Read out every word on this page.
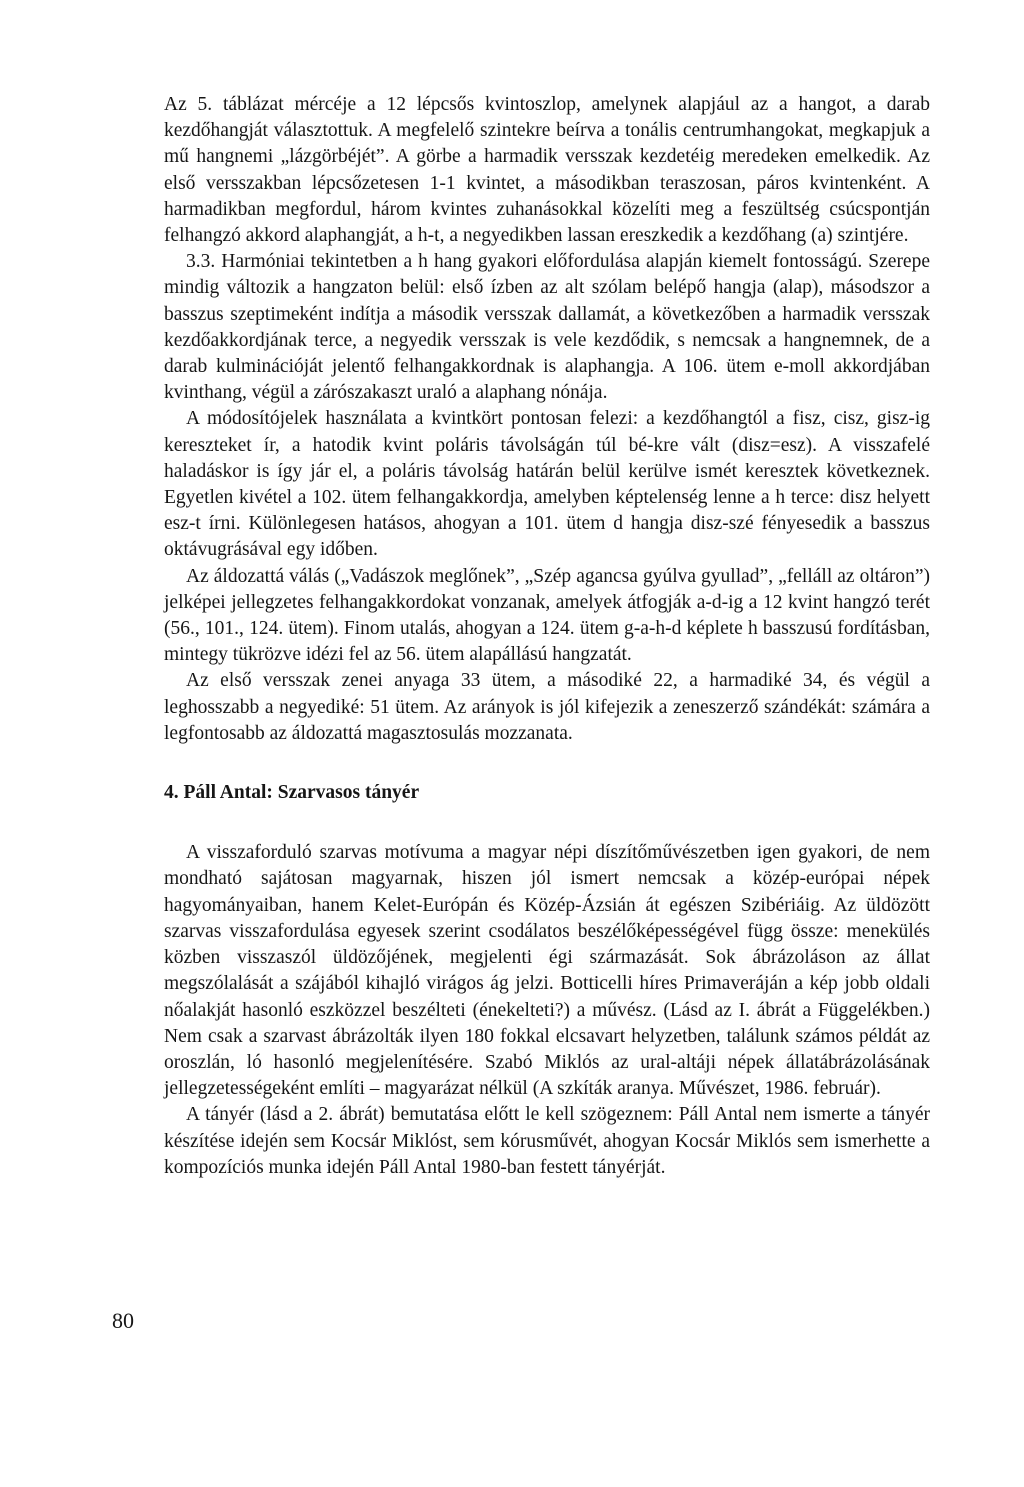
Az 5. táblázat mércéje a 12 lépcsős kvintoszlop, amelynek alapjául az a hangot, a darab kezdőhangját választottuk. A megfelelő szintekre beírva a tonális centrumhangokat, megkapjuk a mű hangnemi „lázgörbéjét”. A görbe a harmadik versszak kezdetéig meredeken emelkedik. Az első versszakban lépcsőzetesen 1-1 kvintet, a másodikban teraszosan, páros kvintenként. A harmadikban megfordul, három kvintes zuhanásokkal közelíti meg a feszültség csúcspontján felhangzó akkord alaphangját, a h-t, a negyedikben lassan ereszkedik a kezdőhang (a) szintjére.

3.3. Harmóniai tekintetben a h hang gyakori előfordulása alapján kiemelt fontosságú. Szerepe mindig változik a hangzaton belül: első ízben az alt szólam belépő hangja (alap), másodszor a basszus szeptimeként indítja a második versszak dallamát, a következőben a harmadik versszak kezdőakkordjának terce, a negyedik versszak is vele kezdődik, s nemcsak a hangnemnek, de a darab kulminációját jelentő felhangakkordnak is alaphangja. A 106. ütem e-moll akkordjában kvinthang, végül a zárószakaszt uraló a alaphang nónája.

A módosítójelek használata a kvintkört pontosan felezi: a kezdőhangtól a fisz, cisz, gisz-ig kereszteket ír, a hatodik kvint poláris távolságán túl bé-kre vált (disz=esz). A visszafelé haladáskor is így jár el, a poláris távolság határán belül kerülve ismét keresztek következnek. Egyetlen kivétel a 102. ütem felhangakkordja, amelyben képtelenség lenne a h terce: disz helyett esz-t írni. Különlegesen hatásos, ahogyan a 101. ütem d hangja disz-szé fényesedik a basszus oktávugrásával egy időben.

Az áldozattá válás („Vadászok meglőnek”, „Szép agancsa gyúlva gyullad”, „felláll az oltáron”) jelképei jellegzetes felhangakkordokat vonzanak, amelyek átfogják a-d-ig a 12 kvint hangzó terét (56., 101., 124. ütem). Finom utalás, ahogyan a 124. ütem g-a-h-d képlete h basszusú fordításban, mintegy tükrözve idézi fel az 56. ütem alapállású hangzatát.

Az első versszak zenei anyaga 33 ütem, a másodiké 22, a harmadiké 34, és végül a leghosszabb a negyediké: 51 ütem. Az arányok is jól kifejezik a zeneszerző szándékát: számára a legfontosabb az áldozattá magasztosulás mozzanata.

4. Páll Antal: Szarvasos tányér

A visszaforduló szarvas motívuma a magyar népi díszítőművészetben igen gyakori, de nem mondható sajátosan magyarnak, hiszen jól ismert nemcsak a közép-európai népek hagyományaiban, hanem Kelet-Európán és Közép-Ázsián át egészen Szibériáig. Az üldözött szarvas visszafordulása egyesek szerint csodálatos beszélőképességével függ össze: menekülés közben visszaszól üldözőjének, megjelenti égi származását. Sok ábrázoláson az állat megszólalását a szájából kihajló virágos ág jelzi. Botticelli híres Primaveráján a kép jobb oldali nőalakját hasonló eszközzel beszélteti (énekelteti?) a művész. (Lásd az I. ábrát a Függelékben.) Nem csak a szarvast ábrázolták ilyen 180 fokkal elcsavart helyzetben, találunk számos példát az oroszlán, ló hasonló megjelenítésére. Szabó Miklós az ural-altáji népek állatábrázolásának jellegzetességeként említi – magyarázat nélkül (A szkíták aranya. Művészet, 1986. február).

A tányér (lásd a 2. ábrát) bemutatása előtt le kell szögeznem: Páll Antal nem ismerte a tányér készítése idején sem Kocsár Miklóst, sem kórusművét, ahogyan Kocsár Miklós sem ismerhette a kompozíciós munka idején Páll Antal 1980-ban festett tányérját.

80
